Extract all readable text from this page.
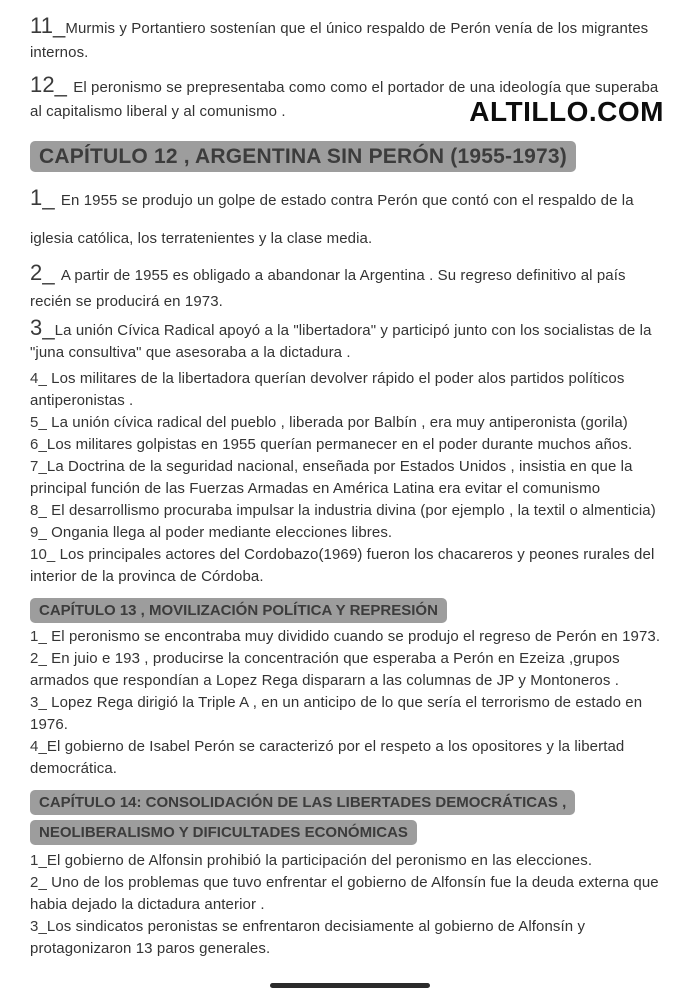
ALTILLO.COM

11_Murmis y Portantiero sostenían que el único respaldo de Perón venía de los migrantes internos.

12_ El peronismo se prepresentaba como como el portador de una ideología que superaba al capitalismo liberal y al comunismo .

CAPÍTULO 12 , ARGENTINA SIN PERÓN (1955-1973)

1_ En 1955 se produjo un golpe de estado contra Perón que contó con el respaldo de la iglesia católica, los terratenientes y la clase media.

2_ A partir de 1955 es obligado a abandonar la Argentina . Su regreso definitivo al país recién se producirá en 1973.

3_La unión Cívica Radical apoyó a la "libertadora" y participó junto con los socialistas de la "juna consultiva" que asesoraba a la dictadura .

4_ Los militares de la libertadora querían devolver rápido el poder alos partidos políticos antiperonistas .

5_ La unión cívica radical del pueblo , liberada por Balbín , era muy antiperonista (gorila)

6_Los militares golpistas en 1955 querían permanecer en el poder durante muchos años.

7_La Doctrina de la seguridad nacional, enseñada por Estados Unidos , insistia en que la principal función de las Fuerzas Armadas en América Latina era evitar el comunismo

8_ El desarrollismo procuraba impulsar la industria divina (por ejemplo , la textil o almenticia)

9_ Ongania llega al poder mediante elecciones libres.

10_ Los principales actores del Cordobazo(1969) fueron los chacareros y peones rurales del interior de la provinca de Córdoba.

CAPÍTULO 13 , MOVILIZACIÓN POLÍTICA Y REPRESIÓN

1_ El peronismo se encontraba muy dividido cuando se produjo el regreso de Perón en 1973.

2_ En juio e 193 , producirse la concentración que esperaba a Perón en Ezeiza ,grupos armados que respondían a Lopez Rega dispararn a las columnas de JP y Montoneros .

3_ Lopez Rega dirigió la Triple A , en un anticipo de lo que sería el terrorismo de estado en 1976.

4_El gobierno de Isabel Perón se caracterizó por el respeto a los opositores y la libertad democrática.

CAPÍTULO 14: CONSOLIDACIÓN DE LAS LIBERTADES DEMOCRÁTICAS , NEOLIBERALISMO Y DIFICULTADES ECONÓMICAS

1_El gobierno de Alfonsin prohibió la participación del peronismo en las elecciones.

2_ Uno de los problemas que tuvo enfrentar el gobierno de Alfonsín fue la deuda externa que habia dejado la dictadura anterior .

3_Los sindicatos peronistas se enfrentaron decisiamente al gobierno de Alfonsín y protagonizaron 13 paros generales.
